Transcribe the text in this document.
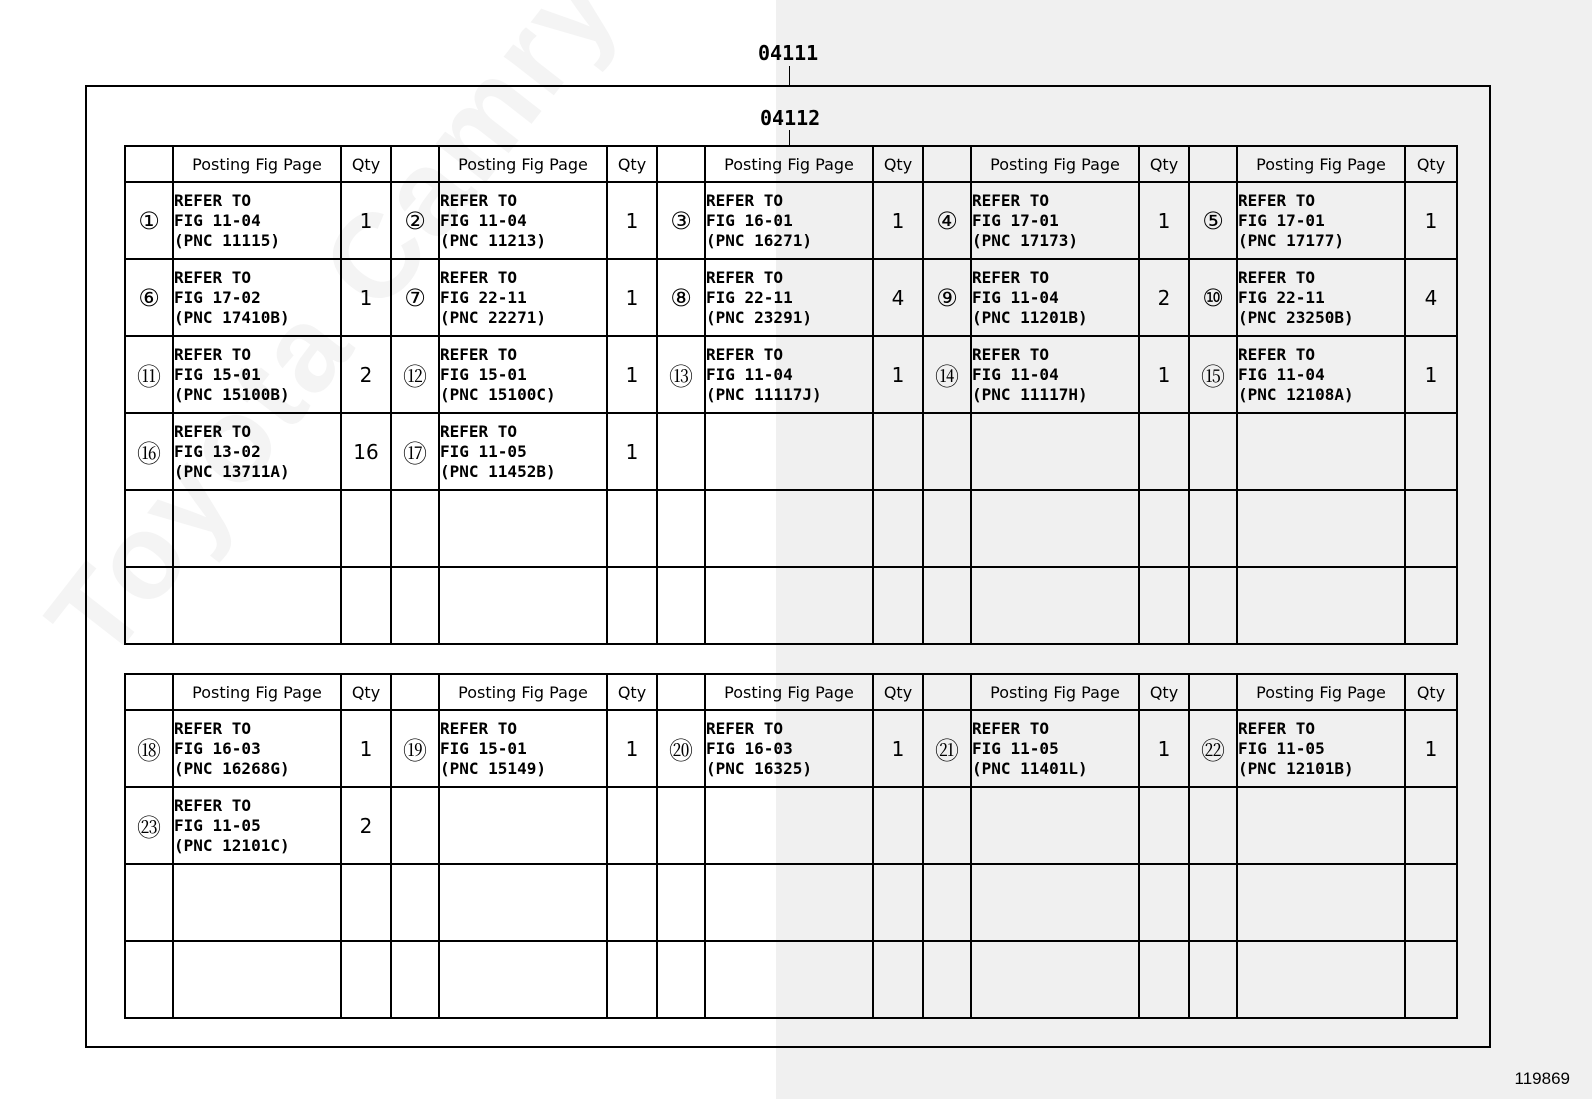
04111
04112
	Posting Fig Page	Qty		Posting Fig Page	Qty		Posting Fig Page	Qty		Posting Fig Page	Qty		Posting Fig Page	Qty
①	REFER TO
FIG 11-04
(PNC 11115)	1	②	REFER TO
FIG 11-04
(PNC 11213)	1	③	REFER TO
FIG 16-01
(PNC 16271)	1	④	REFER TO
FIG 17-01
(PNC 17173)	1	⑤	REFER TO
FIG 17-01
(PNC 17177)	1
⑥	REFER TO
FIG 17-02
(PNC 17410B)	1	⑦	REFER TO
FIG 22-11
(PNC 22271)	1	⑧	REFER TO
FIG 22-11
(PNC 23291)	4	⑨	REFER TO
FIG 11-04
(PNC 11201B)	2	⑩	REFER TO
FIG 22-11
(PNC 23250B)	4
⑪	REFER TO
FIG 15-01
(PNC 15100B)	2	⑫	REFER TO
FIG 15-01
(PNC 15100C)	1	⑬	REFER TO
FIG 11-04
(PNC 11117J)	1	⑭	REFER TO
FIG 11-04
(PNC 11117H)	1	⑮	REFER TO
FIG 11-04
(PNC 12108A)	1
⑯	REFER TO
FIG 13-02
(PNC 13711A)	16	⑰	REFER TO
FIG 11-05
(PNC 11452B)	1		

	Posting Fig Page	Qty		Posting Fig Page	Qty		Posting Fig Page	Qty		Posting Fig Page	Qty		Posting Fig Page	Qty
⑱	REFER TO
FIG 16-03
(PNC 16268G)	1	⑲	REFER TO
FIG 15-01
(PNC 15149)	1	⑳	REFER TO
FIG 16-03
(PNC 16325)	1	㉑	REFER TO
FIG 11-05
(PNC 11401L)	1	㉒	REFER TO
FIG 11-05
(PNC 12101B)	1
㉓	REFER TO
FIG 11-05
(PNC 12101C)	2		

119869
